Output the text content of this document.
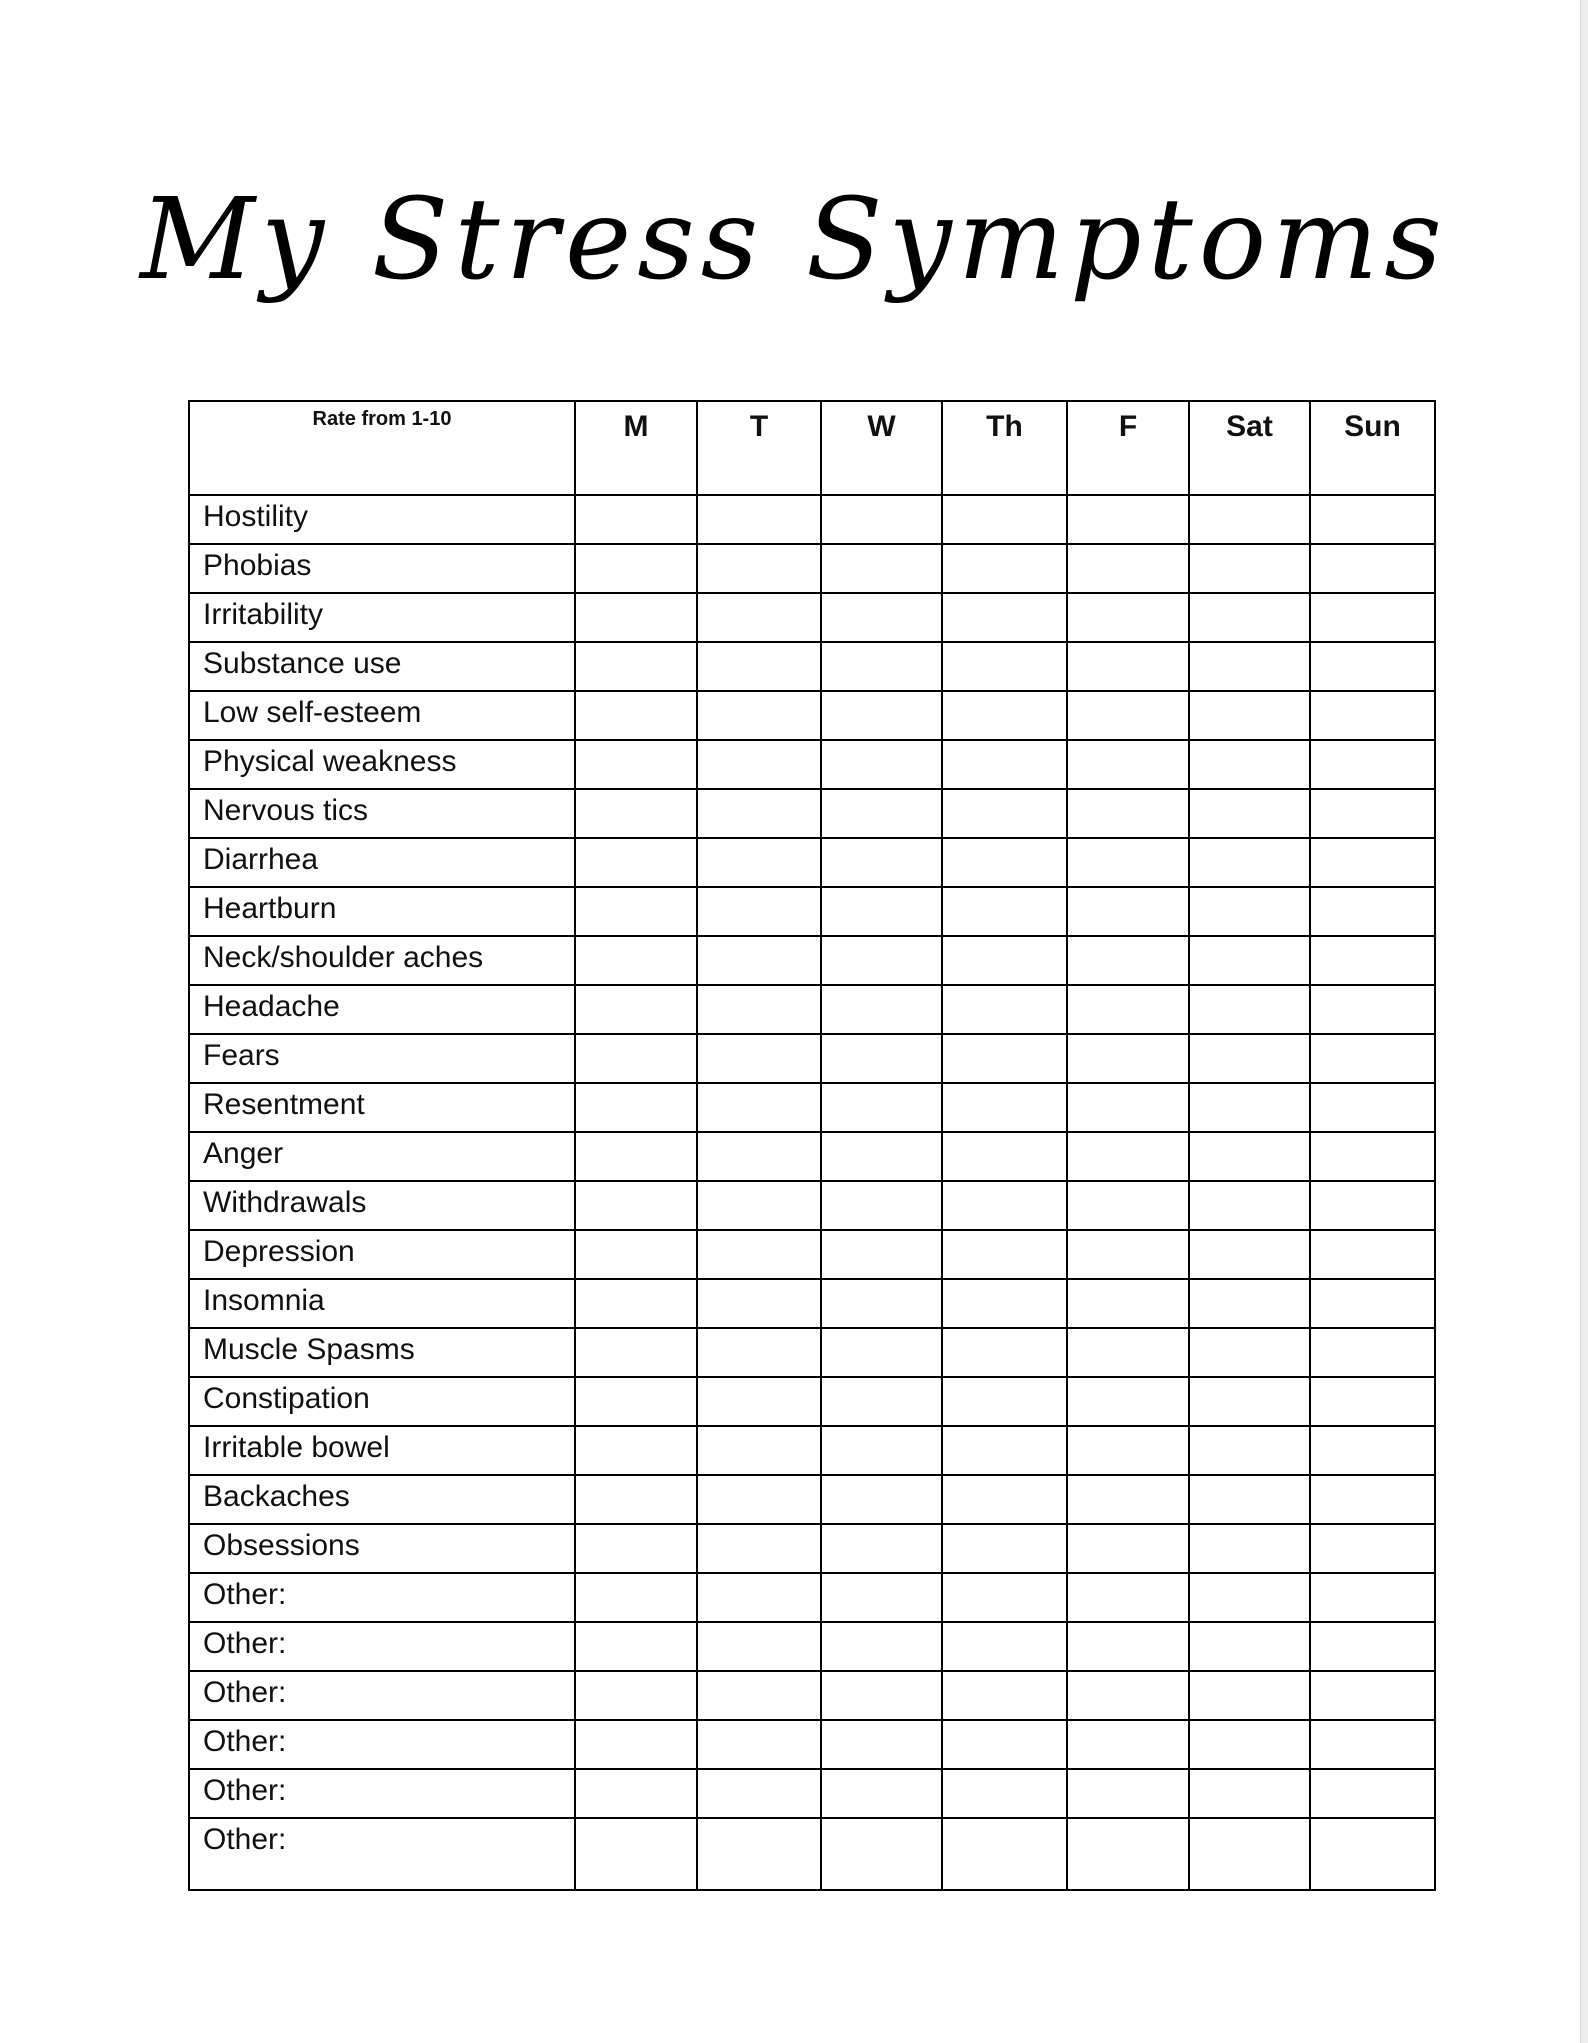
My Stress Symptoms
Rate from 1-10	M	T	W	Th	F	Sat	Sun
Hostility							
Phobias							
Irritability							
Substance use							
Low self-esteem							
Physical weakness							
Nervous tics							
Diarrhea							
Heartburn							
Neck/shoulder aches							
Headache							
Fears							
Resentment							
Anger							
Withdrawals							
Depression							
Insomnia							
Muscle Spasms							
Constipation							
Irritable bowel							
Backaches							
Obsessions							
Other:							
Other:							
Other:							
Other:							
Other:							
Other:							
